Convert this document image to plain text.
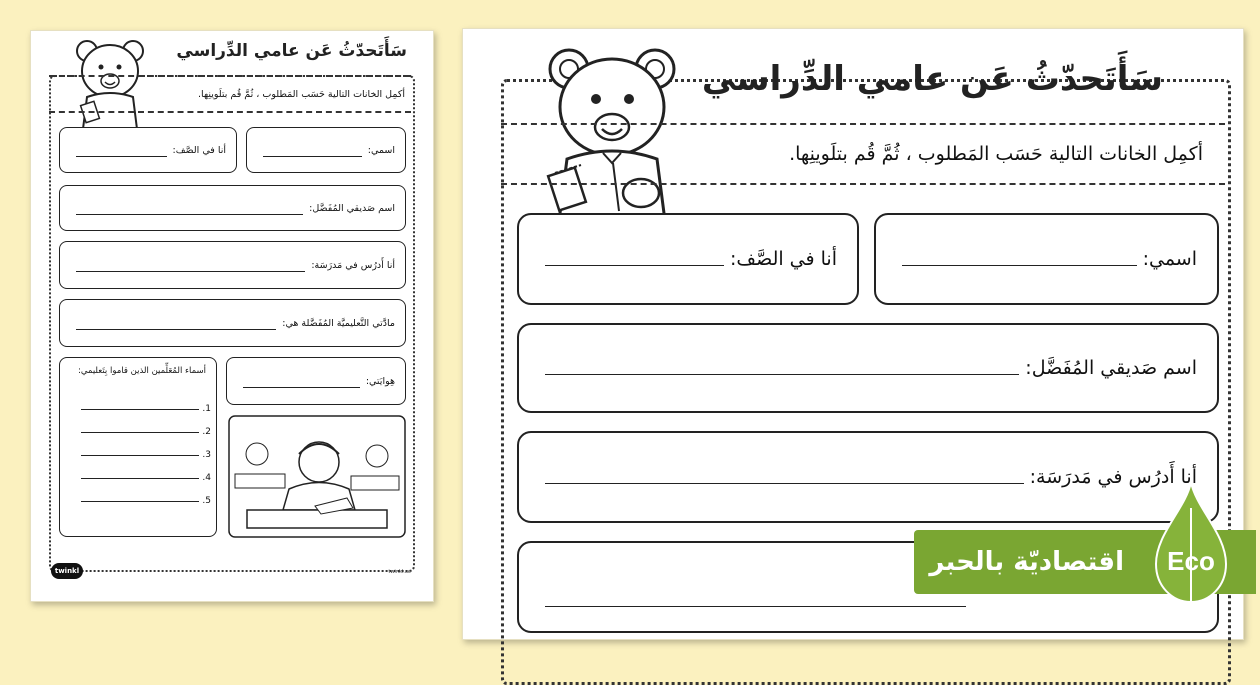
سَأَتَحدّثُ عَن عامي الدِّراسي
أكمِل الخانات التالية حَسَب المَطلوب ، ثُمَّ قُم بتلَوينِها.
اسمي:
أنا في الصَّف:
اسم صَديقي المُفَضَّل:
أنا أَدرُس في مَدرَسَة:
مادَّتي التَّعليميَّة المُفَضَّلة هي:
هِوايَتي:
أسماء المُعَلِّمين الذين قاموا بِتَعليمي:
1.
2.
3.
4.
5.
twinkl	twinkl.ae
سَأَتَحدّثُ عَن عامي الدِّراسي
أكمِل الخانات التالية حَسَب المَطلوب ، ثُمَّ قُم بتلَوينِها.
اسمي:
أنا في الصَّف:
اسم صَديقي المُفَضَّل:
أنا أَدرُس في مَدرَسَة:
اقتصاديّة بالحبر	Eco
